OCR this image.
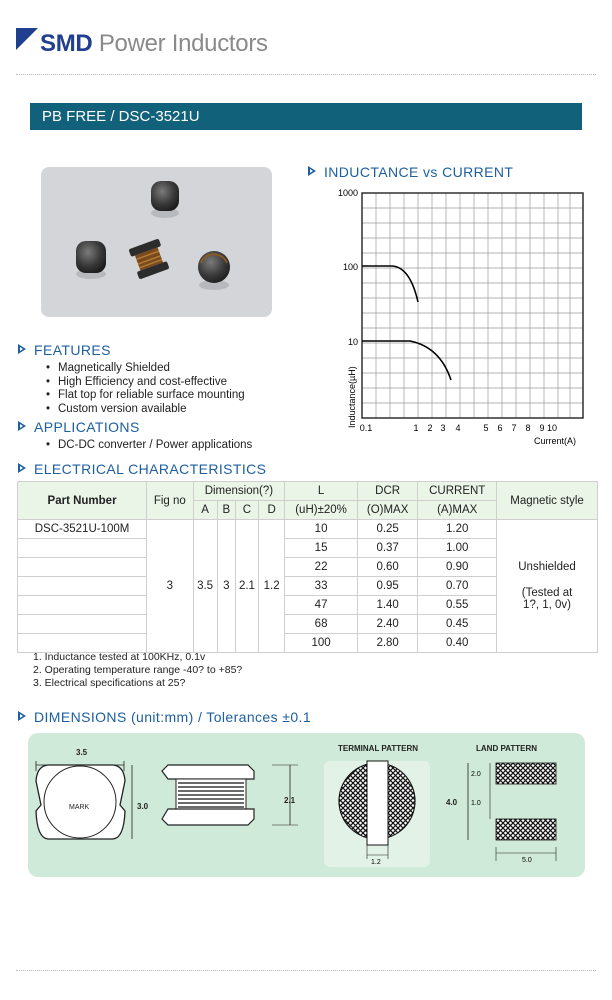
SMD Power Inductors
PB FREE / DSC-3521U
INDUCTANCE vs CURRENT
1000
100
10
0.1	1 2 3 4	5 6 7 8 9 10
Inductance(µH)
Current(A)
FEATURES
• Magnetically Shielded
• High Efficiency and cost-effective
• Flat top for reliable surface mounting
• Custom version available
APPLICATIONS
• DC-DC converter / Power applications
ELECTRICAL CHARACTERISTICS
Part Number	Fig no	Dimension(?)				L	DCR	CURRENT	Magnetic style
		A	B	C	D	(uH)±20%	(O)MAX	(A)MAX	
DSC-3521U-100M	3	3.5	3	2.1	1.2	10	0.25	1.20	Unshielded
(Tested at
1?, 1, 0v)

						15	0.37	1.00	
						22	0.60	0.90	
						33	0.95	0.70	
						47	1.40	0.55	
						68	2.40	0.45	
						100	2.80	0.40	
1. Inductance tested at 100KHz, 0.1v
2. Operating temperature range -40? to +85?
3. Electrical specifications at 25?
DIMENSIONS (unit:mm) / Tolerances ±0.1
3.5
MARK	3.0
2.1
TERMINAL PATTERN
1.2
LAND PATTERN
4.0
2.0
1.0
5.0
